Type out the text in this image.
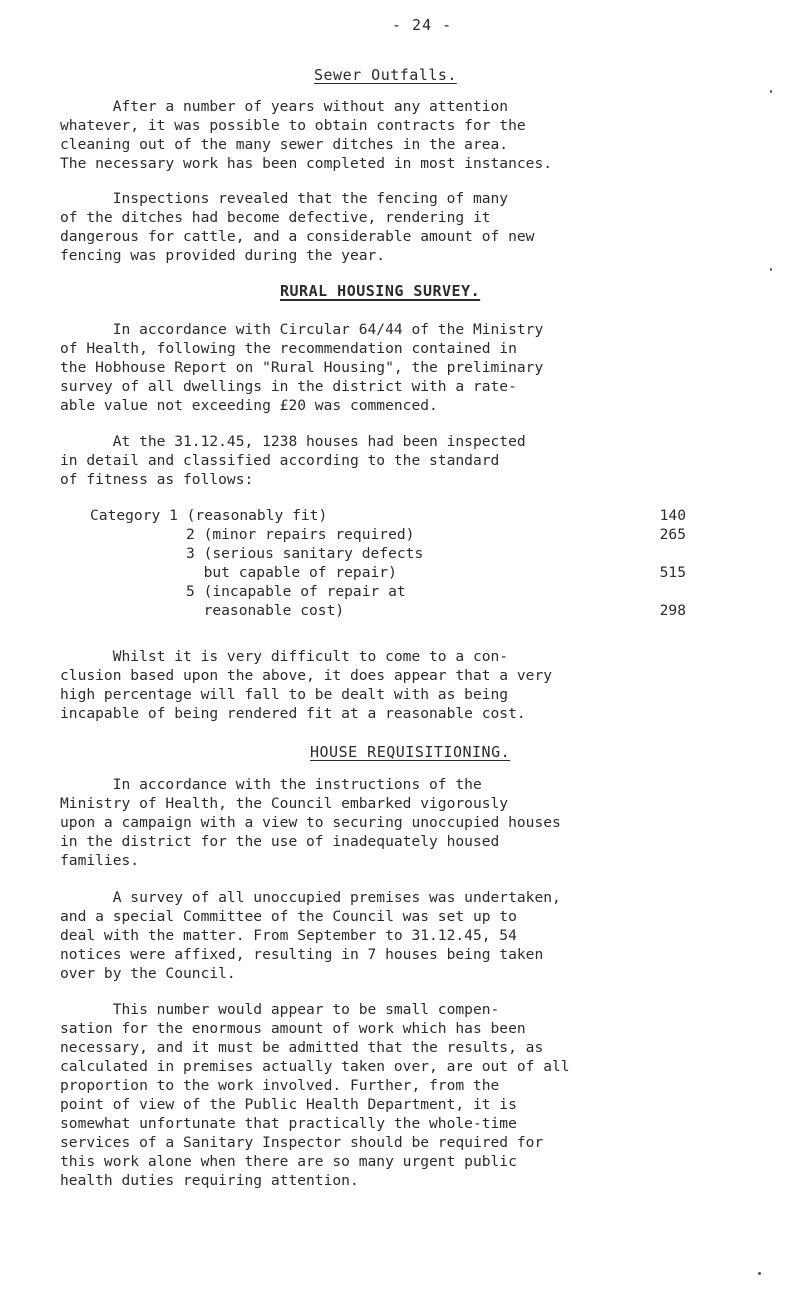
- 24 -
Sewer Outfalls.
After a number of years without any attention
whatever, it was possible to obtain contracts for the
cleaning out of the many sewer ditches in the area.
The necessary work has been completed in most instances.
Inspections revealed that the fencing of many
of the ditches had become defective, rendering it
dangerous for cattle, and a considerable amount of new
fencing was provided during the year.
RURAL HOUSING SURVEY.
In accordance with Circular 64/44 of the Ministry
of Health, following the recommendation contained in
the Hobhouse Report on "Rural Housing", the preliminary
survey of all dwellings in the district with a rate-
able value not exceeding £20 was commenced.
At the 31.12.45, 1238 houses had been inspected
in detail and classified according to the standard
of fitness as follows:
Category 1 (reasonably fit)	140
2 (minor repairs required)	265
3 (serious sanitary defects
but capable of repair)	515
5 (incapable of repair at
reasonable cost)	298
Whilst it is very difficult to come to a con-
clusion based upon the above, it does appear that a very
high percentage will fall to be dealt with as being
incapable of being rendered fit at a reasonable cost.
HOUSE REQUISITIONING.
In accordance with the instructions of the
Ministry of Health, the Council embarked vigorously
upon a campaign with a view to securing unoccupied houses
in the district for the use of inadequately housed
families.
A survey of all unoccupied premises was undertaken,
and a special Committee of the Council was set up to
deal with the matter. From September to 31.12.45, 54
notices were affixed, resulting in 7 houses being taken
over by the Council.
This number would appear to be small compen-
sation for the enormous amount of work which has been
necessary, and it must be admitted that the results, as
calculated in premises actually taken over, are out of all
proportion to the work involved. Further, from the
point of view of the Public Health Department, it is
somewhat unfortunate that practically the whole-time
services of a Sanitary Inspector should be required for
this work alone when there are so many urgent public
health duties requiring attention.
